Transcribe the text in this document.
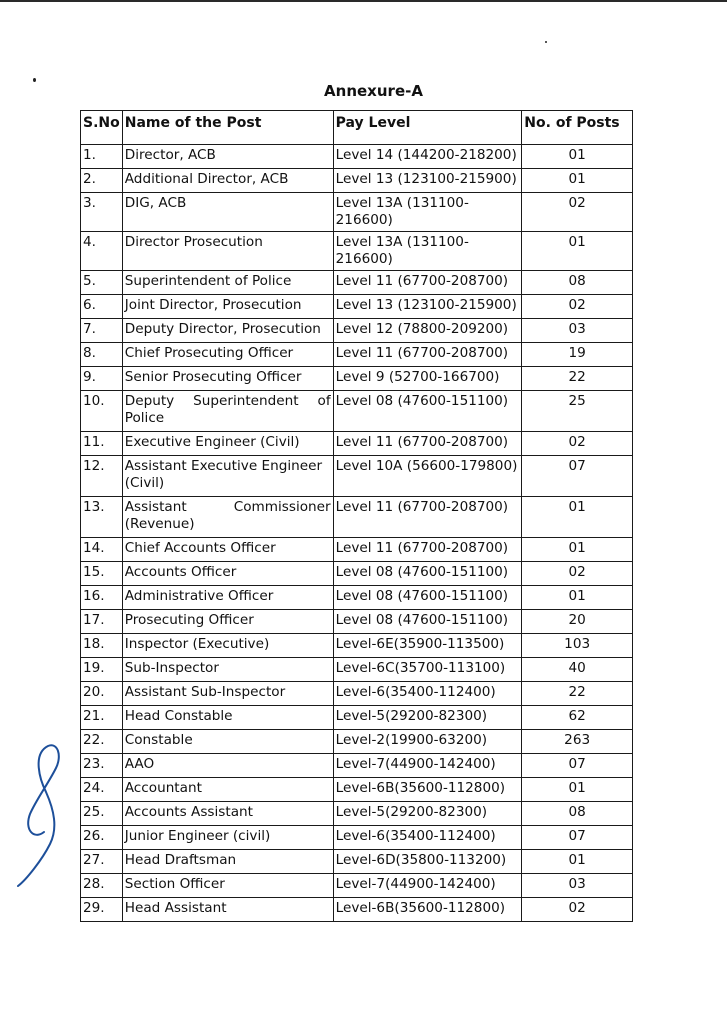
Annexure-A
S.No	Name of the Post	Pay Level	No. of Posts
1.	Director, ACB	Level 14 (144200-218200)	01
2.	Additional Director, ACB	Level 13 (123100-215900)	01
3.	DIG, ACB	Level 13A (131100-216600)	02
4.	Director Prosecution	Level 13A (131100-216600)	01
5.	Superintendent of Police	Level 11 (67700-208700)	08
6.	Joint Director, Prosecution	Level 13 (123100-215900)	02
7.	Deputy Director, Prosecution	Level 12 (78800-209200)	03
8.	Chief Prosecuting Officer	Level 11 (67700-208700)	19
9.	Senior Prosecuting Officer	Level 9 (52700-166700)	22
10.	Deputy Superintendent of Police	Level 08 (47600-151100)	25
11.	Executive Engineer (Civil)	Level 11 (67700-208700)	02
12.	Assistant Executive Engineer (Civil)	Level 10A (56600-179800)	07
13.	Assistant Commissioner (Revenue)	Level 11 (67700-208700)	01
14.	Chief Accounts Officer	Level 11 (67700-208700)	01
15.	Accounts Officer	Level 08 (47600-151100)	02
16.	Administrative Officer	Level 08 (47600-151100)	01
17.	Prosecuting Officer	Level 08 (47600-151100)	20
18.	Inspector (Executive)	Level-6E(35900-113500)	103
19.	Sub-Inspector	Level-6C(35700-113100)	40
20.	Assistant Sub-Inspector	Level-6(35400-112400)	22
21.	Head Constable	Level-5(29200-82300)	62
22.	Constable	Level-2(19900-63200)	263
23.	AAO	Level-7(44900-142400)	07
24.	Accountant	Level-6B(35600-112800)	01
25.	Accounts Assistant	Level-5(29200-82300)	08
26.	Junior Engineer (civil)	Level-6(35400-112400)	07
27.	Head Draftsman	Level-6D(35800-113200)	01
28.	Section Officer	Level-7(44900-142400)	03
29.	Head Assistant	Level-6B(35600-112800)	02
